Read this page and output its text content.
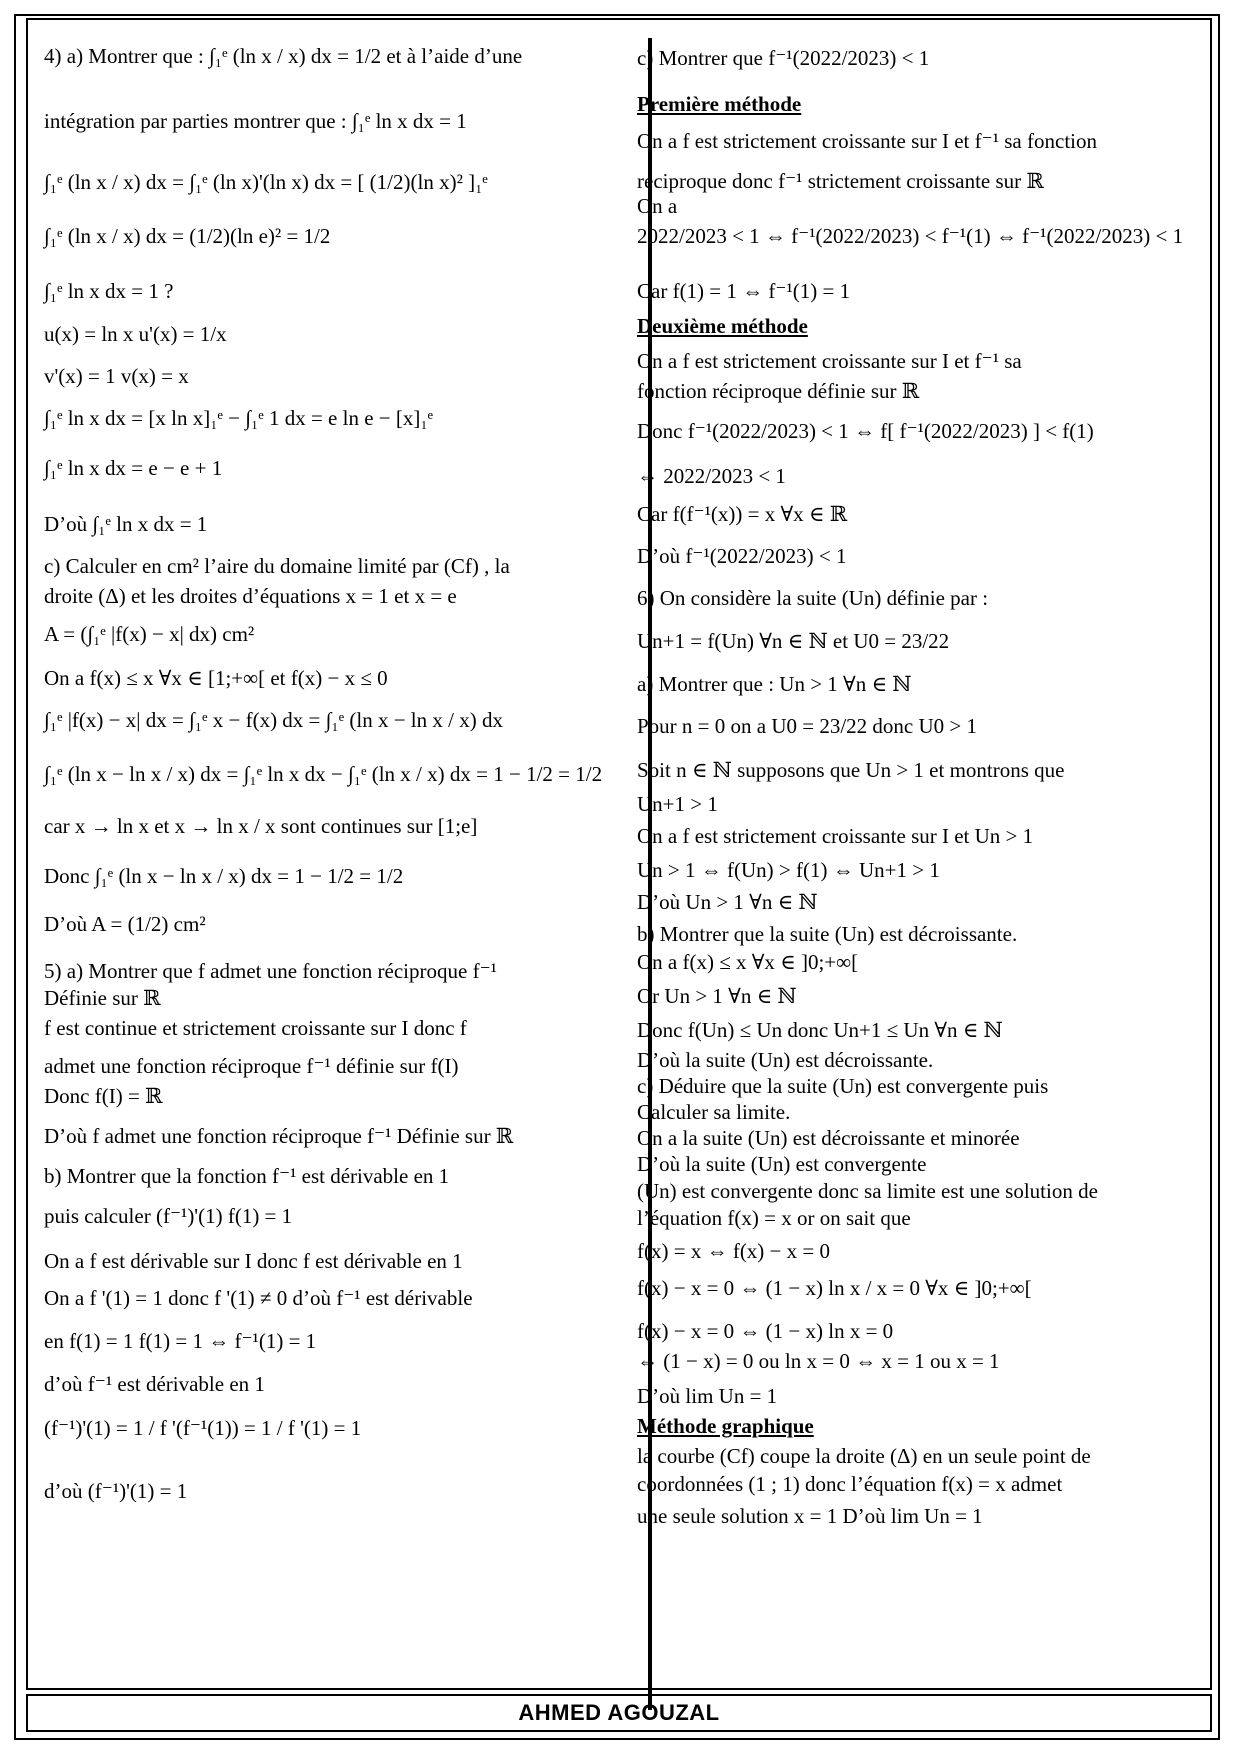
4) a) Montrer que : ∫₁ᵉ (ln x / x) dx = 1/2 et à l’aide d’une
intégration par parties montrer que : ∫₁ᵉ ln x dx = 1
∫₁ᵉ (ln x / x) dx = ∫₁ᵉ (ln x)'(ln x) dx = [ (1/2)(ln x)² ]₁ᵉ
∫₁ᵉ (ln x / x) dx = (1/2)(ln e)² = 1/2
∫₁ᵉ ln x dx = 1 ?
u(x) = ln x u'(x) = 1/x
v'(x) = 1 v(x) = x
∫₁ᵉ ln x dx = [x ln x]₁ᵉ − ∫₁ᵉ 1 dx = e ln e − [x]₁ᵉ
∫₁ᵉ ln x dx = e − e + 1
D’où ∫₁ᵉ ln x dx = 1
c) Calculer en cm² l’aire du domaine limité par (Cf) , la
droite (Δ) et les droites d’équations x = 1 et x = e
A = (∫₁ᵉ |f(x) − x| dx) cm²
On a f(x) ≤ x ∀x ∈ [1;+∞[ et f(x) − x ≤ 0
∫₁ᵉ |f(x) − x| dx = ∫₁ᵉ x − f(x) dx = ∫₁ᵉ (ln x − ln x / x) dx
∫₁ᵉ (ln x − ln x / x) dx = ∫₁ᵉ ln x dx − ∫₁ᵉ (ln x / x) dx = 1 − 1/2 = 1/2
car x → ln x et x → ln x / x sont continues sur [1;e]
Donc ∫₁ᵉ (ln x − ln x / x) dx = 1 − 1/2 = 1/2
D’où A = (1/2) cm²
5) a) Montrer que f admet une fonction réciproque f⁻¹
Définie sur ℝ
f est continue et strictement croissante sur I donc f
admet une fonction réciproque f⁻¹ définie sur f(I)
Donc f(I) = ℝ
D’où f admet une fonction réciproque f⁻¹ Définie sur ℝ
b) Montrer que la fonction f⁻¹ est dérivable en 1
puis calculer (f⁻¹)'(1) f(1) = 1
On a f est dérivable sur I donc f est dérivable en 1
On a f '(1) = 1 donc f '(1) ≠ 0 d’où f⁻¹ est dérivable
en f(1) = 1 f(1) = 1 ⇔ f⁻¹(1) = 1
d’où f⁻¹ est dérivable en 1
(f⁻¹)'(1) = 1 / f '(f⁻¹(1)) = 1 / f '(1) = 1
d’où (f⁻¹)'(1) = 1
c) Montrer que f⁻¹(2022/2023) < 1
Première méthode
On a f est strictement croissante sur I et f⁻¹ sa fonction
réciproque donc f⁻¹ strictement croissante sur ℝ
On a
2022/2023 < 1 ⇔ f⁻¹(2022/2023) < f⁻¹(1) ⇔ f⁻¹(2022/2023) < 1
Car f(1) = 1 ⇔ f⁻¹(1) = 1
Deuxième méthode
On a f est strictement croissante sur I et f⁻¹ sa
fonction réciproque définie sur ℝ
Donc f⁻¹(2022/2023) < 1 ⇔ f[ f⁻¹(2022/2023) ] < f(1)
⇔ 2022/2023 < 1
Car f(f⁻¹(x)) = x ∀x ∈ ℝ
D’où f⁻¹(2022/2023) < 1
6) On considère la suite (Un) définie par :
Un+1 = f(Un) ∀n ∈ ℕ et U0 = 23/22
a) Montrer que : Un > 1 ∀n ∈ ℕ
Pour n = 0 on a U0 = 23/22 donc U0 > 1
Soit n ∈ ℕ supposons que Un > 1 et montrons que
Un+1 > 1
On a f est strictement croissante sur I et Un > 1
Un > 1 ⇔ f(Un) > f(1) ⇔ Un+1 > 1
D’où Un > 1 ∀n ∈ ℕ
b) Montrer que la suite (Un) est décroissante.
On a f(x) ≤ x ∀x ∈ ]0;+∞[
Or Un > 1 ∀n ∈ ℕ
Donc f(Un) ≤ Un donc Un+1 ≤ Un ∀n ∈ ℕ
D’où la suite (Un) est décroissante.
c) Déduire que la suite (Un) est convergente puis
Calculer sa limite.
On a la suite (Un) est décroissante et minorée
D’où la suite (Un) est convergente
(Un) est convergente donc sa limite est une solution de
l’équation f(x) = x or on sait que
f(x) = x ⇔ f(x) − x = 0
f(x) − x = 0 ⇔ (1 − x) ln x / x = 0 ∀x ∈ ]0;+∞[
f(x) − x = 0 ⇔ (1 − x) ln x = 0
⇔ (1 − x) = 0 ou ln x = 0 ⇔ x = 1 ou x = 1
D’où lim Un = 1
Méthode graphique
la courbe (Cf) coupe la droite (Δ) en un seule point de
coordonnées (1 ; 1) donc l’équation f(x) = x admet
une seule solution x = 1 D’où lim Un = 1
AHMED AGOUZAL
